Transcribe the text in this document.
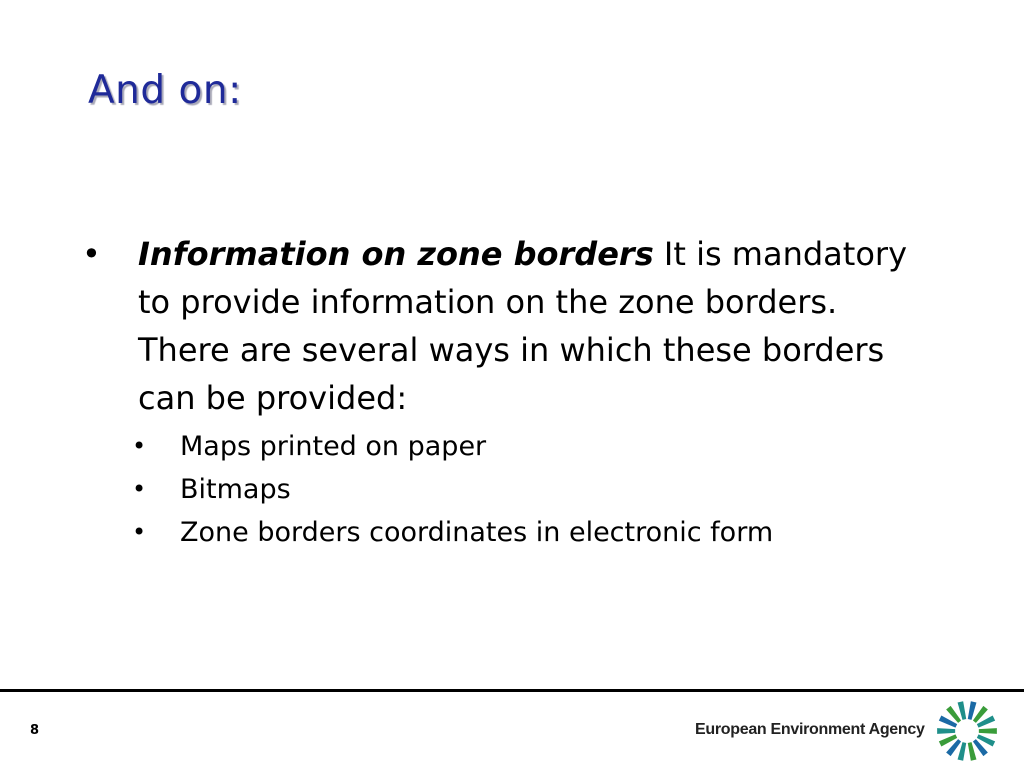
And on:
• Information on zone borders It is mandatory to provide information on the zone borders. There are several ways in which these borders can be provided:
• Maps printed on paper
• Bitmaps
• Zone borders coordinates in electronic form
8	European Environment Agency
